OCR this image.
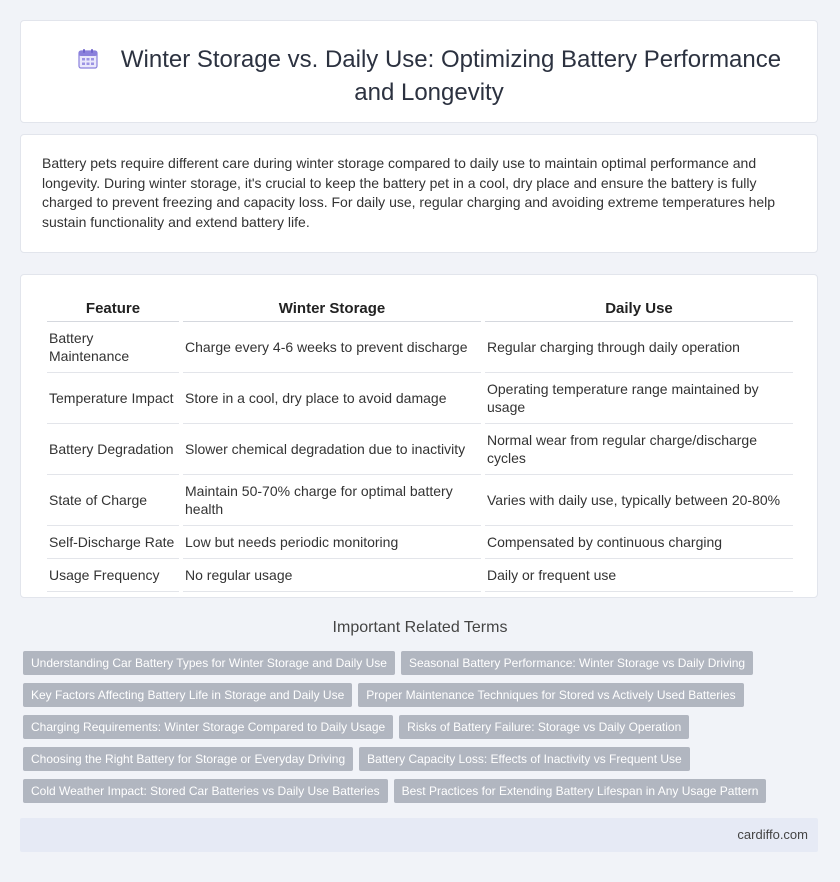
Winter Storage vs. Daily Use: Optimizing Battery Performance and Longevity

Battery pets require different care during winter storage compared to daily use to maintain optimal performance and longevity. During winter storage, it's crucial to keep the battery pet in a cool, dry place and ensure the battery is fully charged to prevent freezing and capacity loss. For daily use, regular charging and avoiding extreme temperatures help sustain functionality and extend battery life.

Feature	Winter Storage	Daily Use
Battery Maintenance	Charge every 4-6 weeks to prevent discharge	Regular charging through daily operation
Temperature Impact	Store in a cool, dry place to avoid damage	Operating temperature range maintained by usage
Battery Degradation	Slower chemical degradation due to inactivity	Normal wear from regular charge/discharge cycles
State of Charge	Maintain 50-70% charge for optimal battery health	Varies with daily use, typically between 20-80%
Self-Discharge Rate	Low but needs periodic monitoring	Compensated by continuous charging
Usage Frequency	No regular usage	Daily or frequent use
Important Related Terms
Understanding Car Battery Types for Winter Storage and Daily Use Seasonal Battery Performance: Winter Storage vs Daily Driving
Key Factors Affecting Battery Life in Storage and Daily Use Proper Maintenance Techniques for Stored vs Actively Used Batteries
Charging Requirements: Winter Storage Compared to Daily Usage Risks of Battery Failure: Storage vs Daily Operation
Choosing the Right Battery for Storage or Everyday Driving Battery Capacity Loss: Effects of Inactivity vs Frequent Use
Cold Weather Impact: Stored Car Batteries vs Daily Use Batteries Best Practices for Extending Battery Lifespan in Any Usage Pattern
cardiffo.com
